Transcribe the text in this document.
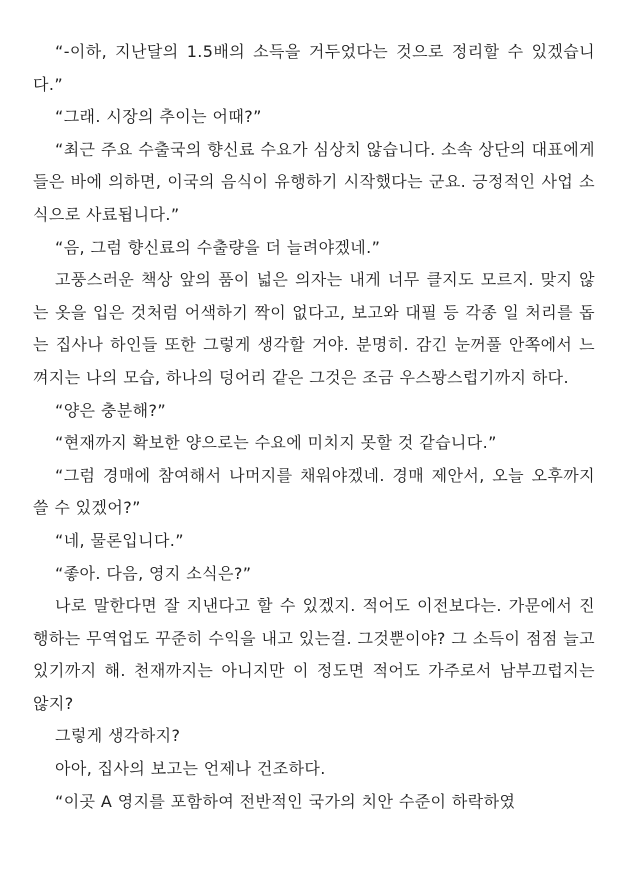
“-이하, 지난달의 1.5배의 소득을 거두었다는 것으로 정리할 수 있겠습니다.”

“그래. 시장의 추이는 어때?”

“최근 주요 수출국의 향신료 수요가 심상치 않습니다. 소속 상단의 대표에게 들은 바에 의하면, 이국의 음식이 유행하기 시작했다는 군요. 긍정적인 사업 소식으로 사료됩니다.”

“음, 그럼 향신료의 수출량을 더 늘려야겠네.”

고풍스러운 책상 앞의 품이 넓은 의자는 내게 너무 클지도 모르지. 맞지 않는 옷을 입은 것처럼 어색하기 짝이 없다고, 보고와 대필 등 각종 일 처리를 돕는 집사나 하인들 또한 그렇게 생각할 거야. 분명히. 감긴 눈꺼풀 안쪽에서 느껴지는 나의 모습, 하나의 덩어리 같은 그것은 조금 우스꽝스럽기까지 하다.

“양은 충분해?”

“현재까지 확보한 양으로는 수요에 미치지 못할 것 같습니다.”

“그럼 경매에 참여해서 나머지를 채워야겠네. 경매 제안서, 오늘 오후까지 쓸 수 있겠어?”

“네, 물론입니다.”

“좋아. 다음, 영지 소식은?”

나로 말한다면 잘 지낸다고 할 수 있겠지. 적어도 이전보다는. 가문에서 진행하는 무역업도 꾸준히 수익을 내고 있는걸. 그것뿐이야? 그 소득이 점점 늘고 있기까지 해. 천재까지는 아니지만 이 정도면 적어도 가주로서 남부끄럽지는 않지?

그렇게 생각하지?

아아, 집사의 보고는 언제나 건조하다.

“이곳 A 영지를 포함하여 전반적인 국가의 치안 수준이 하락하였
